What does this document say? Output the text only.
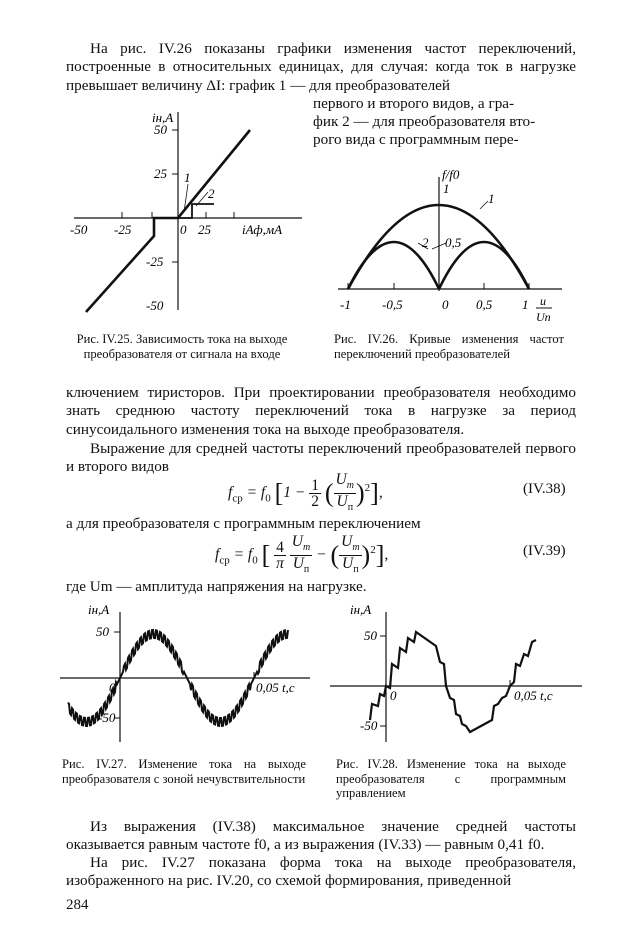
На рис. IV.26 показаны графики изменения частот переключений, построенные в относительных единицах, для случая: когда ток в нагрузке превышает величину ΔI: график 1 — для преобразователей
первого и второго видов, а гра-
фик 2 — для преобразователя вто-
рого вида с программным пере-
iн,А
50
25
-25
-50
-50 -25	0 25 iАф,мА
1
2
Рис. IV.25. Зависимость тока на выходе преобразователя от сигнала на входе
f/f0
1
0,5
1
2
-1 -0,5	0 0,5 1 u
Uп
Рис. IV.26. Кривые изменения частот переключений преобразователей
ключением тиристоров. При проектировании преобразователя необходимо знать среднюю частоту переключений тока в нагрузке за период синусоидального изменения тока на выходе преобразователя.
Выражение для средней частоты переключений преобразователей первого и второго видов
$f_{ср} = f_0$ [$1 - \frac{1}{2}$ ( $\frac{U_m}{U_п} )^2$],	(IV.38)
а для преобразователя с программным переключением
$f_{ср} = f_0$ [ $\frac{4}{\pi}$
$\frac{U_m}{U_п}$ − ( $\frac{U_m}{U_п} )^2$],	(IV.39)
где Um — амплитуда напряжения на нагрузке.
iн,А
50
-50
0	0,05 t,с
Рис. IV.27. Изменение тока на выходе преобразователя с зоной нечувствительности
iн,А
50
-50
0	0,05 t,с
Рис. IV.28. Изменение тока на выходе преобразователя с программным управлением
Из выражения (IV.38) максимальное значение средней частоты оказывается равным частоте f0, а из выражения (IV.33) — равным 0,41 f0.
На рис. IV.27 показана форма тока на выходе преобразователя, изображенного на рис. IV.20, со схемой формирования, приведенной
284
